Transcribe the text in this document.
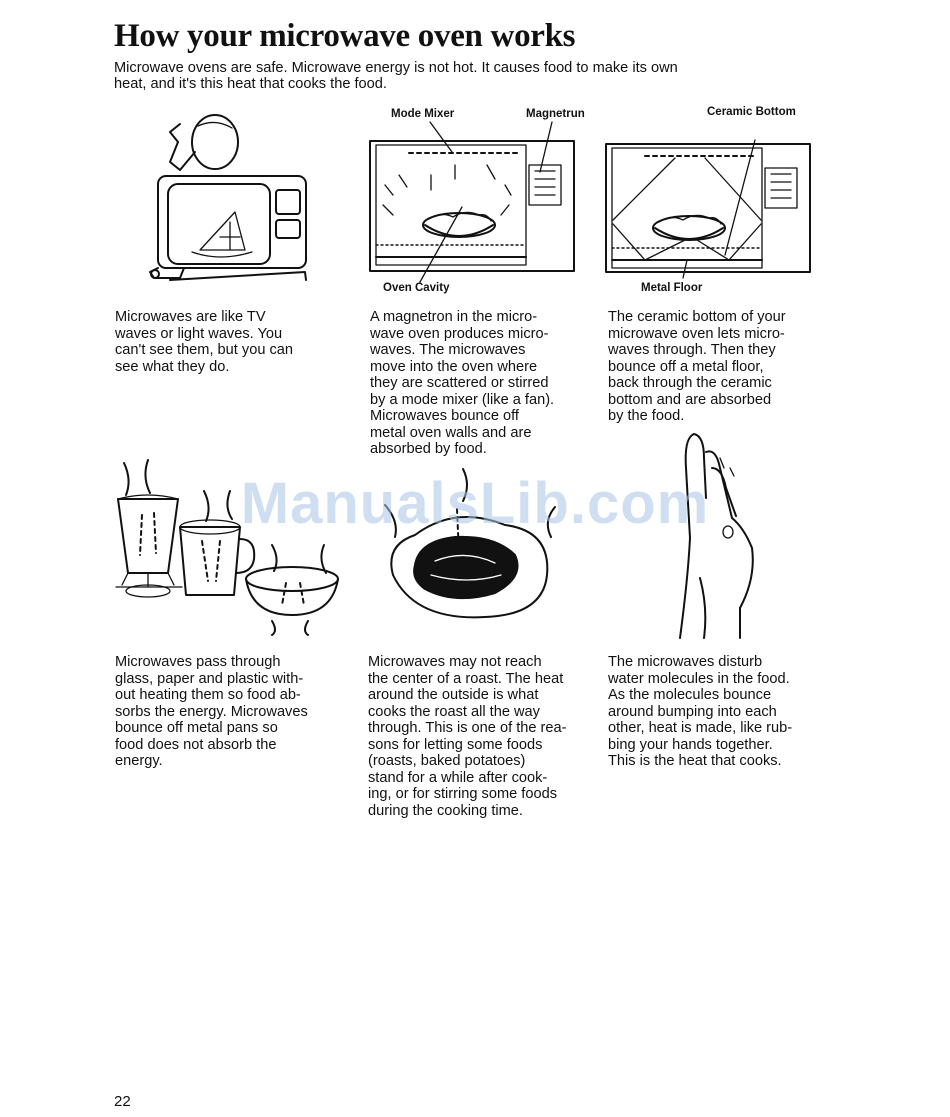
How your microwave oven works
Microwave ovens are safe. Microwave energy is not hot. It causes food to make its own
heat, and it's this heat that cooks the food.
Mode Mixer	Magnetrun	Ceramic Bottom
Oven Cavity	Metal Floor
Microwaves are like TV
waves or light waves. You
can't see them, but you can
see what they do.
A magnetron in the micro-
wave oven produces micro-
waves. The microwaves
move into the oven where
they are scattered or stirred
by a mode mixer (like a fan).
Microwaves bounce off
metal oven walls and are
absorbed by food.
The ceramic bottom of your
microwave oven lets micro-
waves through. Then they
bounce off a metal floor,
back through the ceramic
bottom and are absorbed
by the food.
ManualsLib.com
Microwaves pass through
glass, paper and plastic with-
out heating them so food ab-
sorbs the energy. Microwaves
bounce off metal pans so
food does not absorb the
energy.
Microwaves may not reach
the center of a roast. The heat
around the outside is what
cooks the roast all the way
through. This is one of the rea-
sons for letting some foods
(roasts, baked potatoes)
stand for a while after cook-
ing, or for stirring some foods
during the cooking time.
The microwaves disturb
water molecules in the food.
As the molecules bounce
around bumping into each
other, heat is made, like rub-
bing your hands together.
This is the heat that cooks.
22
